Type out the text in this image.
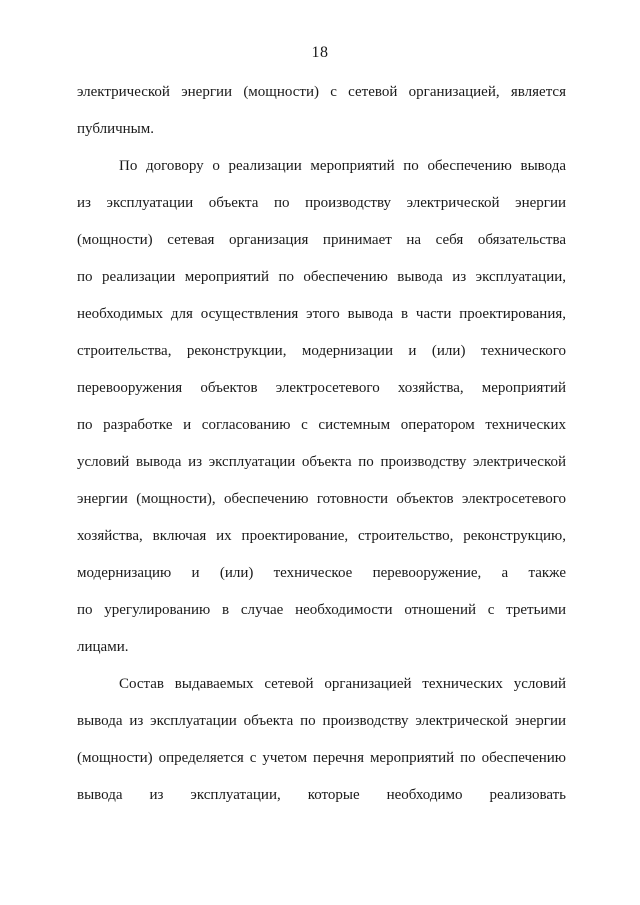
18
электрической энергии (мощности) с сетевой организацией, является
публичным.
По договору о реализации мероприятий по обеспечению вывода
из эксплуатации объекта по производству электрической энергии
(мощности) сетевая организация принимает на себя обязательства
по реализации мероприятий по обеспечению вывода из эксплуатации,
необходимых для осуществления этого вывода в части проектирования,
строительства, реконструкции, модернизации и (или) технического
перевооружения объектов электросетевого хозяйства, мероприятий
по разработке и согласованию с системным оператором технических
условий вывода из эксплуатации объекта по производству электрической
энергии (мощности), обеспечению готовности объектов электросетевого
хозяйства, включая их проектирование, строительство, реконструкцию,
модернизацию и (или) техническое перевооружение, а также
по урегулированию в случае необходимости отношений с третьими
лицами.
Состав выдаваемых сетевой организацией технических условий
вывода из эксплуатации объекта по производству электрической энергии
(мощности) определяется с учетом перечня мероприятий по обеспечению
вывода из эксплуатации, которые необходимо реализовать
